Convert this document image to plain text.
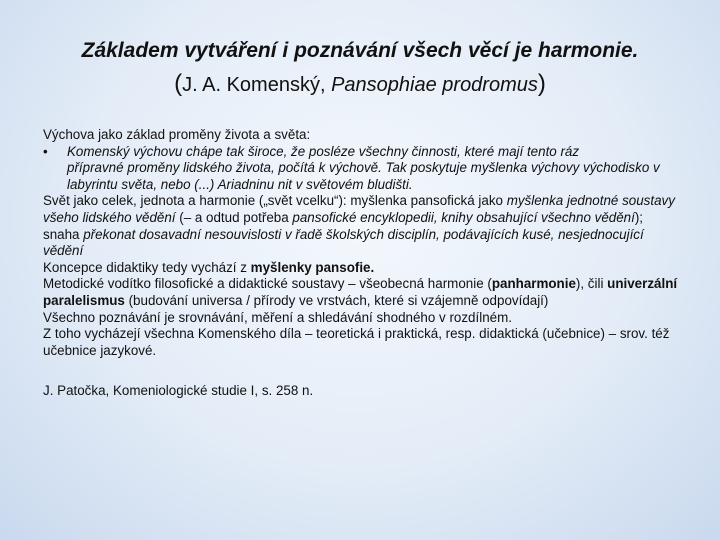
Základem vytváření i poznávání všech věcí je harmonie.
(J. A. Komenský, Pansophiae prodromus)

Výchova jako základ proměny života a světa:

• Komenský výchovu chápe tak široce, že posléze všechny činnosti, které mají tento ráz
přípravné proměny lidského života, počítá k výchově. Tak poskytuje myšlenka výchovy východisko v labyrintu světa, nebo (...) Ariadninu nit v světovém bludišti.

Svět jako celek, jednota a harmonie („svět vcelku“): myšlenka pansofická jako myšlenka jednotné soustavy všeho lidského vědění (– a odtud potřeba pansofické encyklopedii, knihy obsahující všechno vědění); snaha překonat dosavadní nesouvislosti v řadě školských disciplín, podávajících kusé, nesjednocující vědění

Koncepce didaktiky tedy vychází z myšlenky pansofie.

Metodické vodítko filosofické a didaktické soustavy – všeobecná harmonie (panharmonie), čili univerzální paralelismus (budování universa / přírody ve vrstvách, které si vzájemně odpovídají)

Všechno poznávání je srovnávání, měření a shledávání shodného v rozdílném.

Z toho vycházejí všechna Komenského díla – teoretická i praktická, resp. didaktická (učebnice) – srov. též učebnice jazykové.

J. Patočka, Komeniologické studie I, s. 258 n.
